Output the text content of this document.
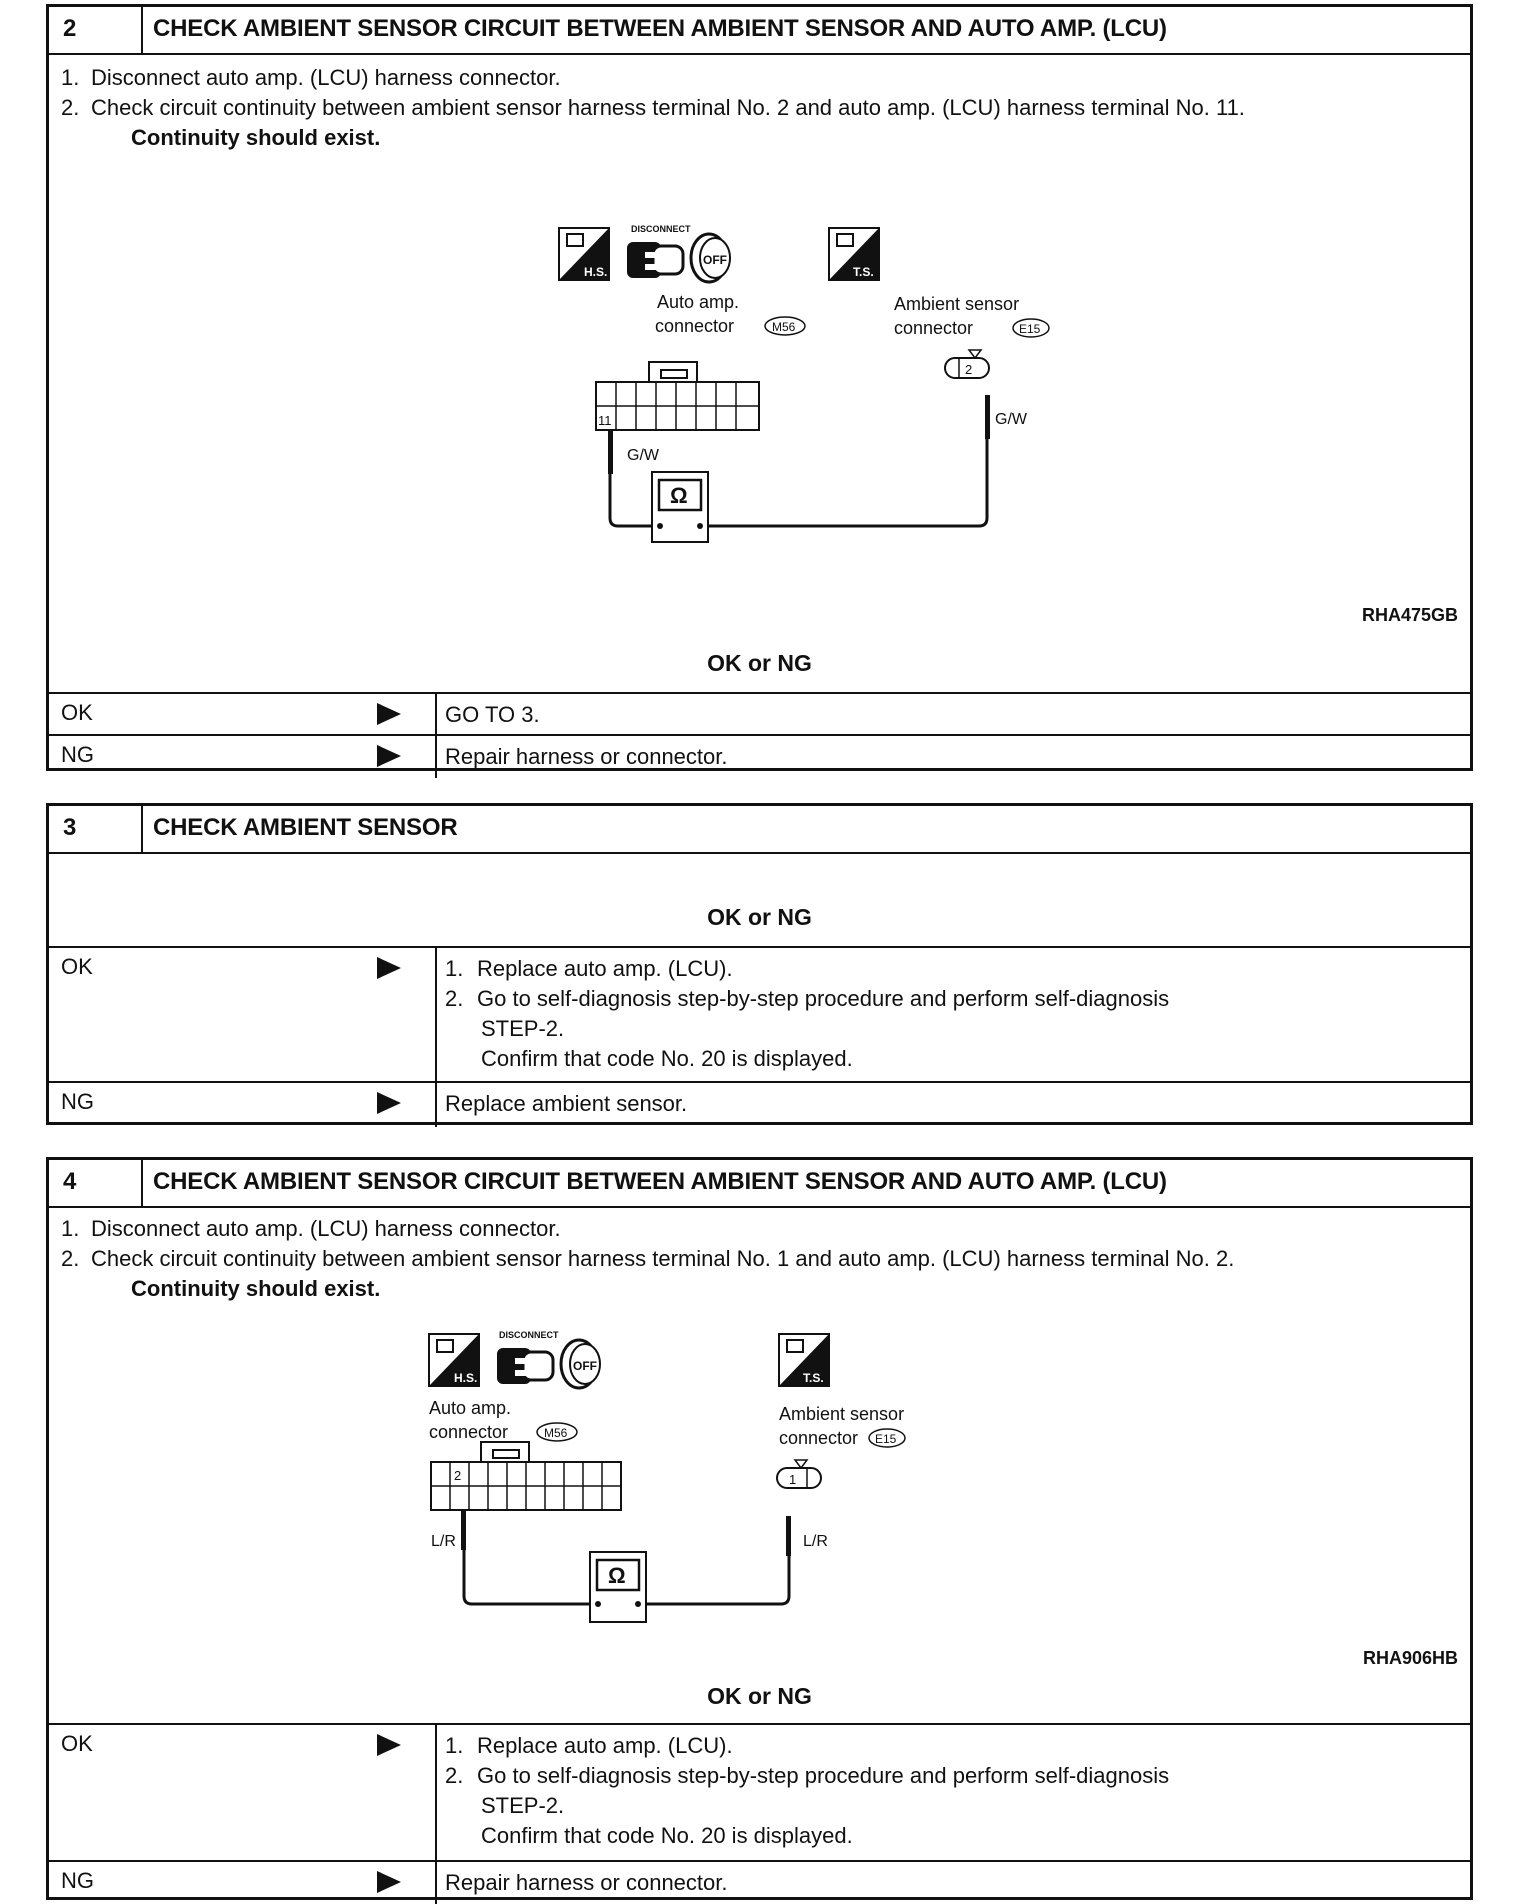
2	CHECK AMBIENT SENSOR CIRCUIT BETWEEN AMBIENT SENSOR AND AUTO AMP. (LCU)
1. Disconnect auto amp. (LCU) harness connector.
2. Check circuit continuity between ambient sensor harness terminal No. 2 and auto amp. (LCU) harness terminal No. 11.
Continuity should exist.
H.S.
DISCONNECT
OFF
T.S.
Auto amp.
connector	M56
Ambient sensor
connector	E15
11
2
G/W
G/W
Ω
RHA475GB
OK or NG
OK	GO TO 3.
NG	Repair harness or connector.
3	CHECK AMBIENT SENSOR
OK or NG
OK	1. Replace auto amp. (LCU).
2. Go to self-diagnosis step-by-step procedure and perform self-diagnosis
STEP-2.
Confirm that code No. 20 is displayed.
NG	Replace ambient sensor.
4	CHECK AMBIENT SENSOR CIRCUIT BETWEEN AMBIENT SENSOR AND AUTO AMP. (LCU)
1. Disconnect auto amp. (LCU) harness connector.
2. Check circuit continuity between ambient sensor harness terminal No. 1 and auto amp. (LCU) harness terminal No. 2.
Continuity should exist.
H.S.
DISCONNECT
OFF
T.S.
Auto amp.
connector	M56
Ambient sensor
connector E15
2	1
L/R	L/R
Ω
RHA906HB
OK or NG
OK	1. Replace auto amp. (LCU).
2. Go to self-diagnosis step-by-step procedure and perform self-diagnosis
STEP-2.
Confirm that code No. 20 is displayed.
NG	Repair harness or connector.
